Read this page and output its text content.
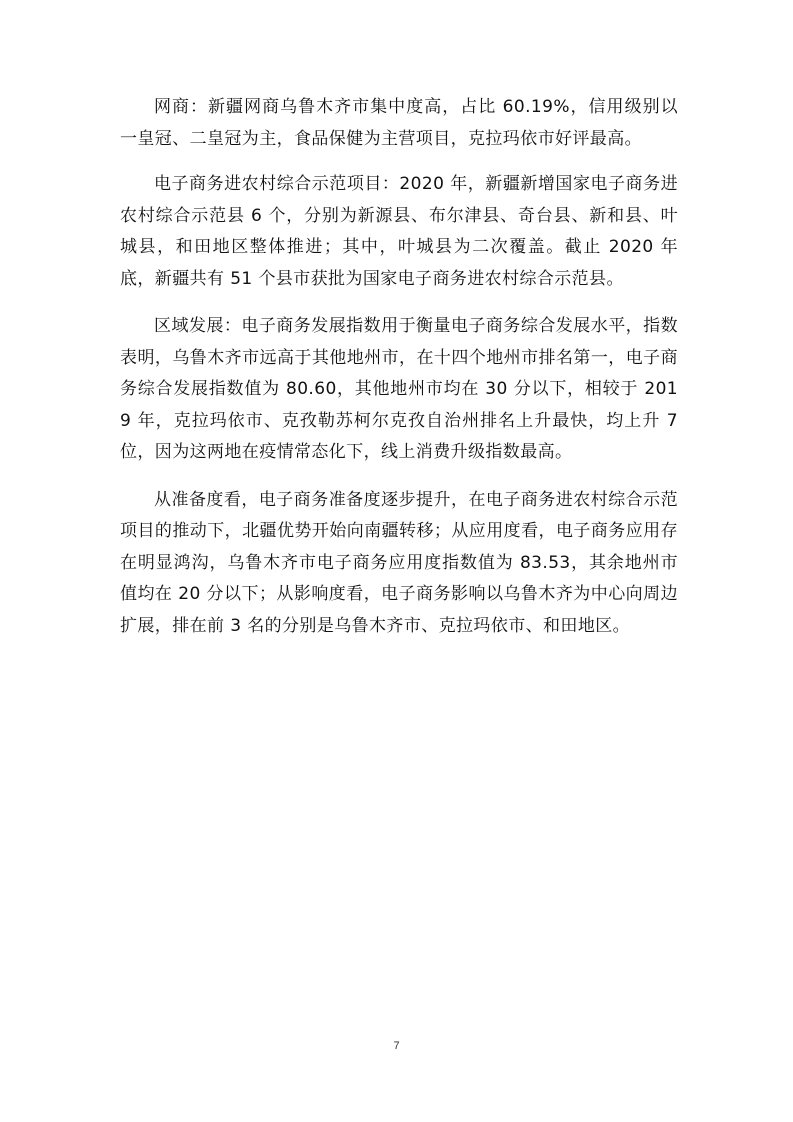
网商：新疆网商乌鲁木齐市集中度高，占比 60.19%，信用级别以一皇冠、二皇冠为主，食品保健为主营项目，克拉玛依市好评最高。

电子商务进农村综合示范项目：2020 年，新疆新增国家电子商务进农村综合示范县 6 个，分别为新源县、布尔津县、奇台县、新和县、叶城县，和田地区整体推进；其中，叶城县为二次覆盖。截止 2020 年底，新疆共有 51 个县市获批为国家电子商务进农村综合示范县。

区域发展：电子商务发展指数用于衡量电子商务综合发展水平，指数表明，乌鲁木齐市远高于其他地州市，在十四个地州市排名第一，电子商务综合发展指数值为 80.60，其他地州市均在 30 分以下，相较于 2019 年，克拉玛依市、克孜勒苏柯尔克孜自治州排名上升最快，均上升 7 位，因为这两地在疫情常态化下，线上消费升级指数最高。

从准备度看，电子商务准备度逐步提升，在电子商务进农村综合示范项目的推动下，北疆优势开始向南疆转移；从应用度看，电子商务应用存在明显鸿沟，乌鲁木齐市电子商务应用度指数值为 83.53，其余地州市值均在 20 分以下；从影响度看，电子商务影响以乌鲁木齐为中心向周边扩展，排在前 3 名的分别是乌鲁木齐市、克拉玛依市、和田地区。

7
